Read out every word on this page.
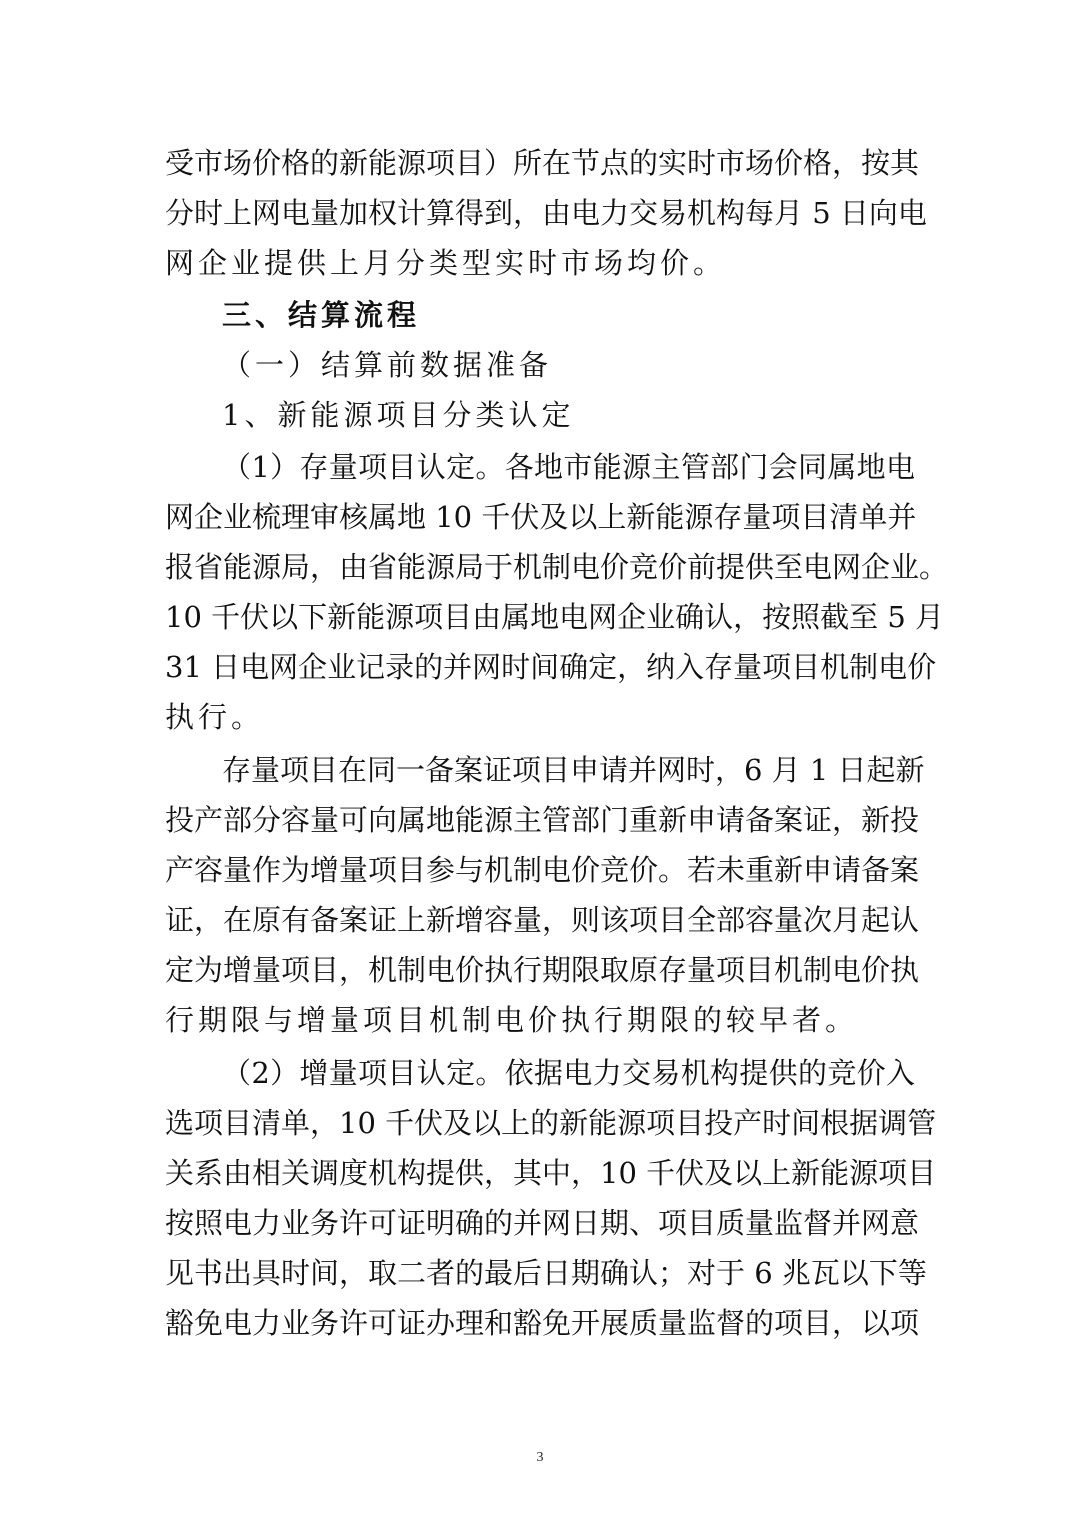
受市场价格的新能源项目）所在节点的实时市场价格，按其
分时上网电量加权计算得到，由电力交易机构每月 5 日向电
网企业提供上月分类型实时市场均价。
三、结算流程
（一）结算前数据准备
1、新能源项目分类认定
（1）存量项目认定。各地市能源主管部门会同属地电
网企业梳理审核属地 10 千伏及以上新能源存量项目清单并
报省能源局，由省能源局于机制电价竞价前提供至电网企业。
10 千伏以下新能源项目由属地电网企业确认，按照截至 5 月
31 日电网企业记录的并网时间确定，纳入存量项目机制电价
执行。
存量项目在同一备案证项目申请并网时，6 月 1 日起新
投产部分容量可向属地能源主管部门重新申请备案证，新投
产容量作为增量项目参与机制电价竞价。若未重新申请备案
证，在原有备案证上新增容量，则该项目全部容量次月起认
定为增量项目，机制电价执行期限取原存量项目机制电价执
行期限与增量项目机制电价执行期限的较早者。
（2）增量项目认定。依据电力交易机构提供的竞价入
选项目清单，10 千伏及以上的新能源项目投产时间根据调管
关系由相关调度机构提供，其中，10 千伏及以上新能源项目
按照电力业务许可证明确的并网日期、项目质量监督并网意
见书出具时间，取二者的最后日期确认；对于 6 兆瓦以下等
豁免电力业务许可证办理和豁免开展质量监督的项目，以项
3
